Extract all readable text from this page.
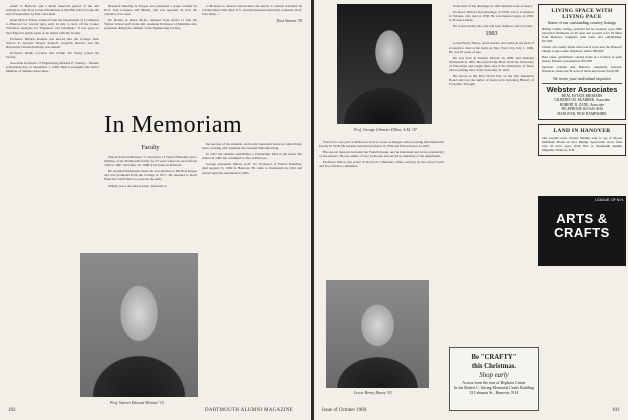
return to Hanover and a much deserved period of fun and relaxation. Our most recent information is that Bill will be home the end of September by first class mail.

Dean Myron Tribus returned from the Department of Commerce to Hanover for several days early in July to kick off the Center "Decision Analysis for Engineers and Scientists." It was good to hear Myron's spirits again as he talked with the faculty.

Professor Herbert Koehler has moved into the College Tuck School to become Thayer School's program director and the Honorable Charles Peabody was named

Professor Ralph Cochran and Clamp Ver Wang joined the faculty.

Associate Professor of Engineering Richard E. Stanley... Student scholarship day on September 1, 1969. Dick is presently the Senior Member of Sanders Associates.

Research Meeting in Prague and presented a paper written by Prof. Tom Laaspere and Millett, and was reported on how the system is now used.

Dr. Robert A. Reed, Ph.D., returned from Africa to join the Thayer School staff in the fall. Assistant Professor of Medicine also presented during the summer at the Engineering Society.

to Houston to observe and monitor the Apollo 11 launch activities. In collaboration with other U.S. and International university scientists, Prof. Fate Nitze...

Ross Stearns '58
In Memoriam
Faculty

Warren Edward Montsie '17, Professor of French Emeritus and a member of the Dartmouth faculty for 47 years where he served from 1920 to 1967, died June 10, 1969 at his home in Hanover.

He attended Dartmouth where he won election to Phi Beta Kappa and was graduated from the College in 1917. He returned to teach French in 1920 after two years in the army.

Mainly was a devoted teacher, dedicated to

the success of his students, and to his classroom hours he added many more working with students who needed individual help.

In 1957 his students established a scholarship fund in his honor. He retired in 1967 but continued to live in Hanover.

George Alexander Dillon, A.M. '47, Professor of French Emeritus, died August 13, 1969 in Hanover. He came to Dartmouth in 1924 and served until his retirement in 1965.

Prof. Warren Edward Montsie '15
102	DARTMOUTH ALUMNI MAGAZINE
Prof. George Gilmeter Dillon, A.M. '47

French for one year at Princeton and two years at Rutgers before joining the Dartmouth faculty in 1936. He became assistant professor in 1939 and full professor in 1947.

His special interests included the French theater, and he translated and wrote extensively on the subject. He was author of two textbooks and served as chairman of the department.

Professor Dillon was active in Norwich community affairs, serving on the school board and town finance committee.

in the time of his discharge in 1945 held the rank of major.

Professor Dillon's first marriage, in 1938, was to Constance O. Wickes, who died in 1958. He was married again, in 1959, to Florence Dean.

He is survived by his wife and four children, and a brother.

1903

Lewis Henry Haney, noted teacher and writer in the field of economics, died at his home in New York City, July 1, 1969. He was 87 years of age.

He was born in Eureka, Illinois, in 1882, and attended Dartmouth in 1903. He received his Ph.D. from the University of Wisconsin and taught there and at the University of Texas before joining New York University in 1916.

He served in the First World War on the War Industries Board and was the author of many texts including History of Economic Thought.

Lewis Henry Haney '03
Be "CRAFTY"
this Christmas.
Shop early
Across from the rear of Hopkins Center
In the Robert C. Strong Memorial Crafts Building
13 Lebanon St., Hanover, N.H.
LIVING SPACE WITH LIVING PACE
Some of our outstanding country listings
Hilltop country setting, secluded but not isolated, a pre-1840 renovated farmhouse on 30 open and wooded acres 18 miles from Hanover. Complete with barns and outbuildings. $57,000
Classic old country home with over 8 acres near the Hanover village. Large rooms, fireplaces, stable. $90,000
Rare value, gentleman's country home in a location of quiet beauty. Modern conveniences. $55,000
Spacious colonial near Hanover, completely restored, fireplaces, barns and 50 acres of fields and woods. $119,500
We invite your individual inquiries
Webster Associates
REAL ESTATE BROKERS
GILBERTO M. SKARBEK, Associate
ROBERT B. ZANE, Associate
TELEPHONE 603-643-4016
HANOVER, NEW HAMPSHIRE
LAND IN HANOVER
196 wooded acres. Private hunting road to top of Moose Mountain. Brook on tract. Hiking. Spectacular views from over 25 acres open. Write Box A, Dartmouth Alumni Magazine, Hanover, N.H.
LEAGUE OF N.H.
ARTS & CRAFTS
Issue of October 1969	103
